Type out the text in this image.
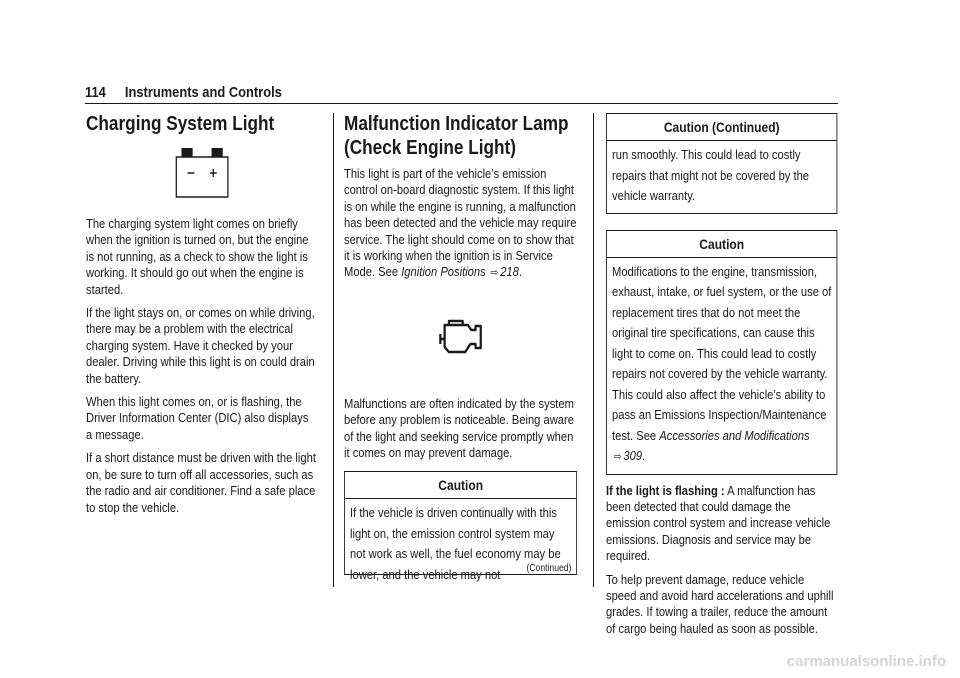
114 Instruments and Controls
Charging System Light

The charging system light comes on briefly when the ignition is turned on, but the engine is not running, as a check to show the light is working. It should go out when the engine is started.

If the light stays on, or comes on while driving, there may be a problem with the electrical charging system. Have it checked by your dealer. Driving while this light is on could drain the battery.

When this light comes on, or is flashing, the Driver Information Center (DIC) also displays a message.

If a short distance must be driven with the light on, be sure to turn off all accessories, such as the radio and air conditioner. Find a safe place to stop the vehicle.

Malfunction Indicator Lamp (Check Engine Light)

This light is part of the vehicle’s emission control on-board diagnostic system. If this light is on while the engine is running, a malfunction has been detected and the vehicle may require service. The light should come on to show that it is working when the ignition is in Service Mode. See Ignition Positions ⇨ 218.

Malfunctions are often indicated by the system before any problem is noticeable. Being aware of the light and seeking service promptly when it comes on may prevent damage.

Caution
If the vehicle is driven continually with this light on, the emission control system may not work as well, the fuel economy may be lower, and the vehicle may not	(Continued)
Caution (Continued)
run smoothly. This could lead to costly repairs that might not be covered by the vehicle warranty.
Caution
Modifications to the engine, transmission, exhaust, intake, or fuel system, or the use of replacement tires that do not meet the original tire specifications, can cause this light to come on. This could lead to costly repairs not covered by the vehicle warranty. This could also affect the vehicle’s ability to pass an Emissions Inspection/Maintenance test. See Accessories and Modifications ⇨ 309.

If the light is flashing : A malfunction has been detected that could damage the emission control system and increase vehicle emissions. Diagnosis and service may be required.

To help prevent damage, reduce vehicle speed and avoid hard accelerations and uphill grades. If towing a trailer, reduce the amount of cargo being hauled as soon as possible.

carmanualsonline.info
